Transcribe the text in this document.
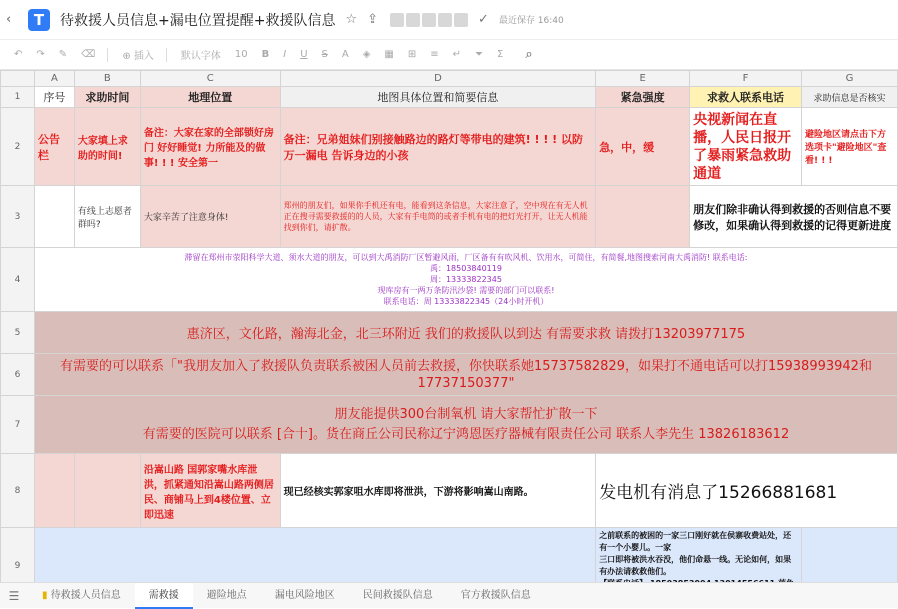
‹	T	待救援人员信息+漏电位置提醒+救援队信息 ☆ ⇪	✓ 最近保存 16:40
↶ ↷ ✎ ⌫	⊕ 插入	默认字体 10 B I U S A ◈ ▦ ⊞ ≡ ↵ ⏷ Σ ⌕
	A	B	C	D	E	F	G
1	序号	求助时间	地理位置	地图具体位置和简要信息	紧急强度	求救人联系电话	求助信息是否核实
2	公告栏	大家填上求助的时间!	备注：大家在家的全部锁好房门 好好睡觉! 力所能及的做事! ! ! 安全第一	备注：兄弟姐妹们别接触路边的路灯等带电的建筑! ! ! ! 以防万一漏电 告诉身边的小孩	急，中，缓	央视新闻在直播，人民日报开了暴雨紧急救助通道	避险地区请点击下方选项卡"避险地区"查看! ! !
3		有线上志愿者群吗?	大家辛苦了注意身体!	郑州的朋友们，如果你手机还有电，能看到这条信息，大家注意了，空中现在有无人机正在搜寻需要救援的的人员，大家有手电筒的或者手机有电的把灯光打开，让无人机能找到你们，请扩散。		朋友们除非确认得到救援的否则信息不要修改，如果确认得到救援的记得更新进度	
4	滞留在郑州市荥阳科学大道、须水大道的朋友，可以到大禹消防厂区暂避风雨，厂区备有有吹风机、饮用水，可简住，有简餐,地图搜索河南大禹消防! 联系电话:
禹：18503840119
周：13333822345
现库房有一两万条防汛沙袋! 需要的部门可以联系!
联系电话：周 13333822345（24小时开机）						

5	惠济区，文化路，瀚海北金，北三环附近 我们的救援队以到达 有需要求救 请拨打13203977175						
6	有需要的可以联系「"我朋友加入了救援队负责联系被困人员前去救援，你快联系她15737582829，如果打不通电话可以打15938993942和17737150377"						
7	朋友能提供300台制氧机 请大家帮忙扩散一下
有需要的医院可以联系 [合十]。货在商丘公司民称辽宁鸿恩医疗器械有限责任公司 联系人李先生 13826183612						

8			沿嵩山路 国郭家嘴水库泄洪，抓紧通知沿嵩山路两侧居民、商铺马上到4楼位置、立即迅速	现已经核实郭家咀水库即将泄洪，下游将影响嵩山南路。	发电机有消息了15266881681		
9					之前联系的被困的一家三口刚好就在侯寨收费站处，还有一个小婴儿。一家
三口即将被洪水吞没，他们命悬一线。无论如何，如果有办法请救救他们。

☰	▮ 待救援人员信息	需救援	避险地点	漏电风险地区	民间救援队信息	官方救援队信息
